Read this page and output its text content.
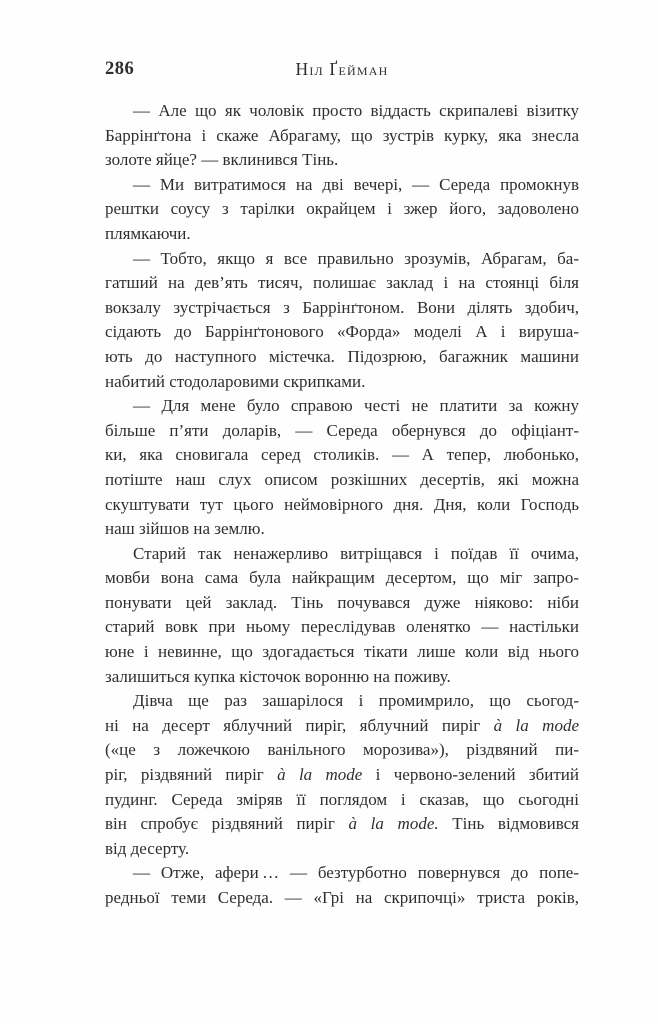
286	Ніл Ґейман

— Але що як чоловік просто віддасть скрипалеві візитку
Баррінґтона і скаже Абрагаму, що зустрів курку, яка знесла
золоте яйце? — вклинився Тінь.

— Ми витратимося на дві вечері, — Середа промокнув
рештки соусу з тарілки окрайцем і зжер його, задоволено
плямкаючи.

— Тобто, якщо я все правильно зрозумів, Абрагам, ба-
гатший на дев’ять тисяч, полишає заклад і на стоянці біля
вокзалу зустрічається з Баррінґтоном. Вони ділять здобич,
сідають до Баррінґтонового «Форда» моделі А і вируша-
ють до наступного містечка. Підозрюю, багажник машини
набитий стодоларовими скрипками.

— Для мене було справою честі не платити за кожну
більше п’яти доларів, — Середа обернувся до офіціант-
ки, яка сновигала серед столиків. — А тепер, любонько,
потіште наш слух описом розкішних десертів, які можна
скуштувати тут цього неймовірного дня. Дня, коли Господь
наш зійшов на землю.

Старий так ненажерливо витріщався і поїдав її очима,
мовби вона сама була найкращим десертом, що міг запро-
понувати цей заклад. Тінь почувався дуже ніяково: ніби
старий вовк при ньому переслідував оленятко — настільки
юне і невинне, що здогадається тікати лише коли від нього
залишиться купка кісточок воронню на поживу.

Дівча ще раз зашарілося і промимрило, що сьогод-
ні на десерт яблучний пиріг, яблучний пиріг à la mode
(«це з ложечкою ванільного морозива»), різдвяний пи-
ріг, різдвяний пиріг à la mode і червоно-зелений збитий
пудинг. Середа зміряв її поглядом і сказав, що сьогодні
він спробує різдвяний пиріг à la mode. Тінь відмовився
від десерту.

— Отже, афери … — безтурботно повернувся до попе-
редньої теми Середа. — «Грі на скрипочці» триста років,
